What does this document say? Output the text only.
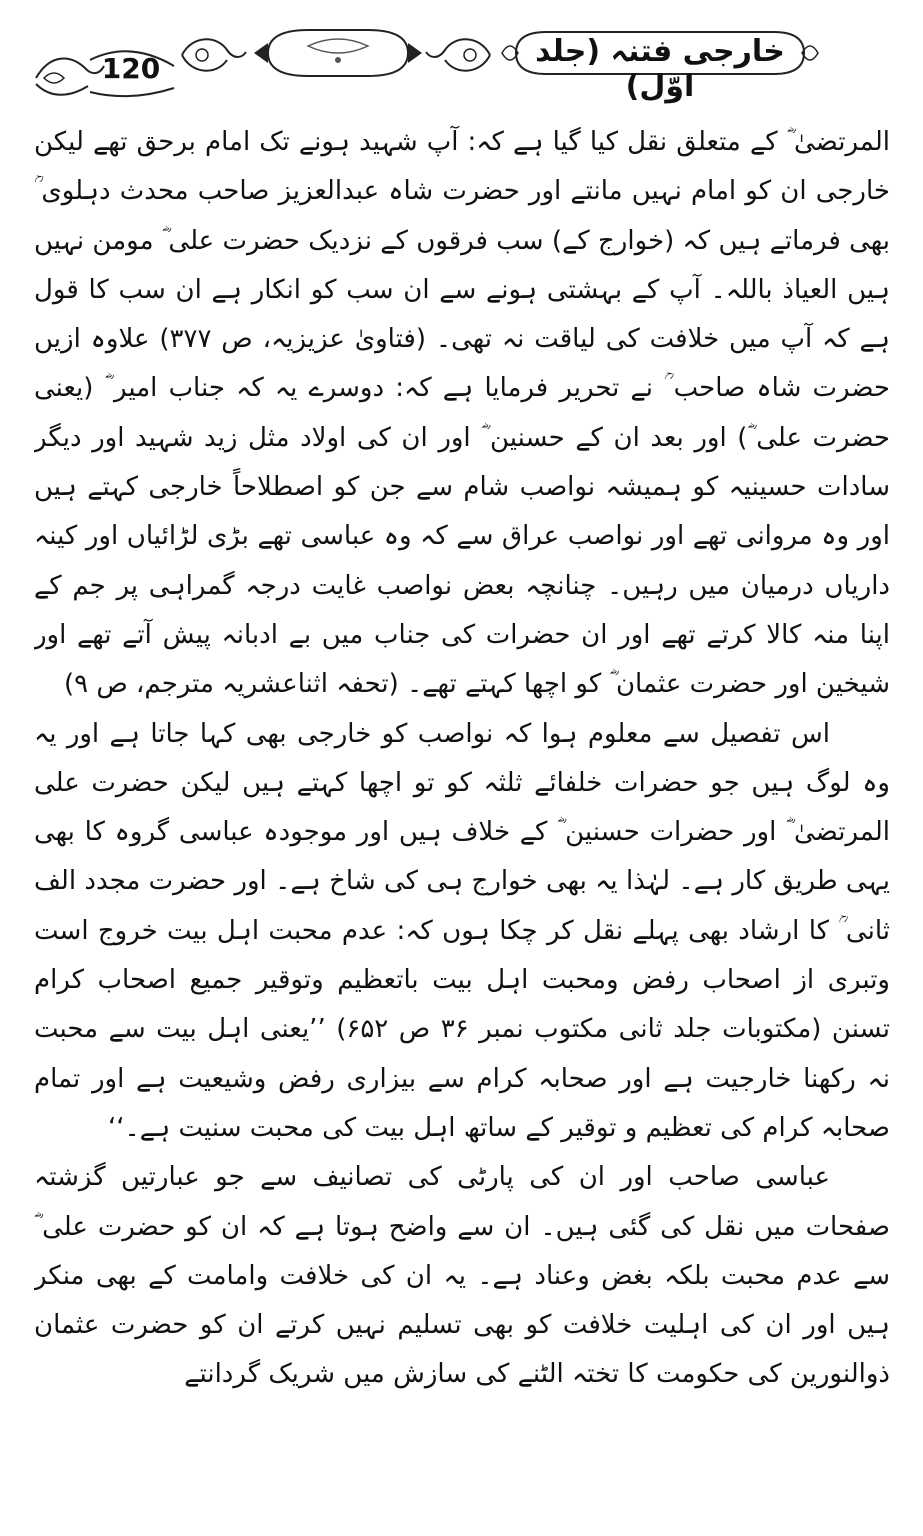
120	خارجی فتنہ (جلد اوّل)

المرتضیٰ ؓ کے متعلق نقل کیا گیا ہے کہ: آپ شہید ہونے تک امام برحق تھے لیکن خارجی ان کو امام نہیں مانتے اور حضرت شاہ عبدالعزیز صاحب محدث دہلوی ؒ بھی فرماتے ہیں کہ (خوارج کے) سب فرقوں کے نزدیک حضرت علی ؓ مومن نہیں ہیں العیاذ باللہ۔ آپ کے بہشتی ہونے سے ان سب کو انکار ہے ان سب کا قول ہے کہ آپ میں خلافت کی لیاقت نہ تھی۔ (فتاویٰ عزیزیہ، ص ۳۷۷) علاوہ ازیں حضرت شاہ صاحب ؒ نے تحریر فرمایا ہے کہ: دوسرے یہ کہ جناب امیر ؓ (یعنی حضرت علی ؓ) اور بعد ان کے حسنین ؓ اور ان کی اولاد مثل زید شہید اور دیگر سادات حسینیہ کو ہمیشہ نواصب شام سے جن کو اصطلاحاً خارجی کہتے ہیں اور وہ مروانی تھے اور نواصب عراق سے کہ وہ عباسی تھے بڑی لڑائیاں اور کینہ داریاں درمیان میں رہیں۔ چنانچہ بعض نواصب غایت درجہ گمراہی پر جم کے اپنا منہ کالا کرتے تھے اور ان حضرات کی جناب میں بے ادبانہ پیش آتے تھے اور شیخین اور حضرت عثمان ؓ کو اچھا کہتے تھے۔ (تحفہ اثناعشریہ مترجم، ص ۹)

اس تفصیل سے معلوم ہوا کہ نواصب کو خارجی بھی کہا جاتا ہے اور یہ وہ لوگ ہیں جو حضرات خلفائے ثلثہ کو تو اچھا کہتے ہیں لیکن حضرت علی المرتضیٰ ؓ اور حضرات حسنین ؓ کے خلاف ہیں اور موجودہ عباسی گروہ کا بھی یہی طریق کار ہے۔ لہٰذا یہ بھی خوارج ہی کی شاخ ہے۔ اور حضرت مجدد الف ثانی ؒ کا ارشاد بھی پہلے نقل کر چکا ہوں کہ: عدم محبت اہل بیت خروج است وتبری از اصحاب رفض ومحبت اہل بیت باتعظیم وتوقیر جمیع اصحاب کرام تسنن (مکتوبات جلد ثانی مکتوب نمبر ۳۶ ص ۶۵۲) ’’یعنی اہل بیت سے محبت نہ رکھنا خارجیت ہے اور صحابہ کرام سے بیزاری رفض وشیعیت ہے اور تمام صحابہ کرام کی تعظیم و توقیر کے ساتھ اہل بیت کی محبت سنیت ہے۔‘‘

عباسی صاحب اور ان کی پارٹی کی تصانیف سے جو عبارتیں گزشتہ صفحات میں نقل کی گئی ہیں۔ ان سے واضح ہوتا ہے کہ ان کو حضرت علی ؓ سے عدم محبت بلکہ بغض وعناد ہے۔ یہ ان کی خلافت وامامت کے بھی منکر ہیں اور ان کی اہلیت خلافت کو بھی تسلیم نہیں کرتے ان کو حضرت عثمان ذوالنورین کی حکومت کا تختہ الٹنے کی سازش میں شریک گردانتے
